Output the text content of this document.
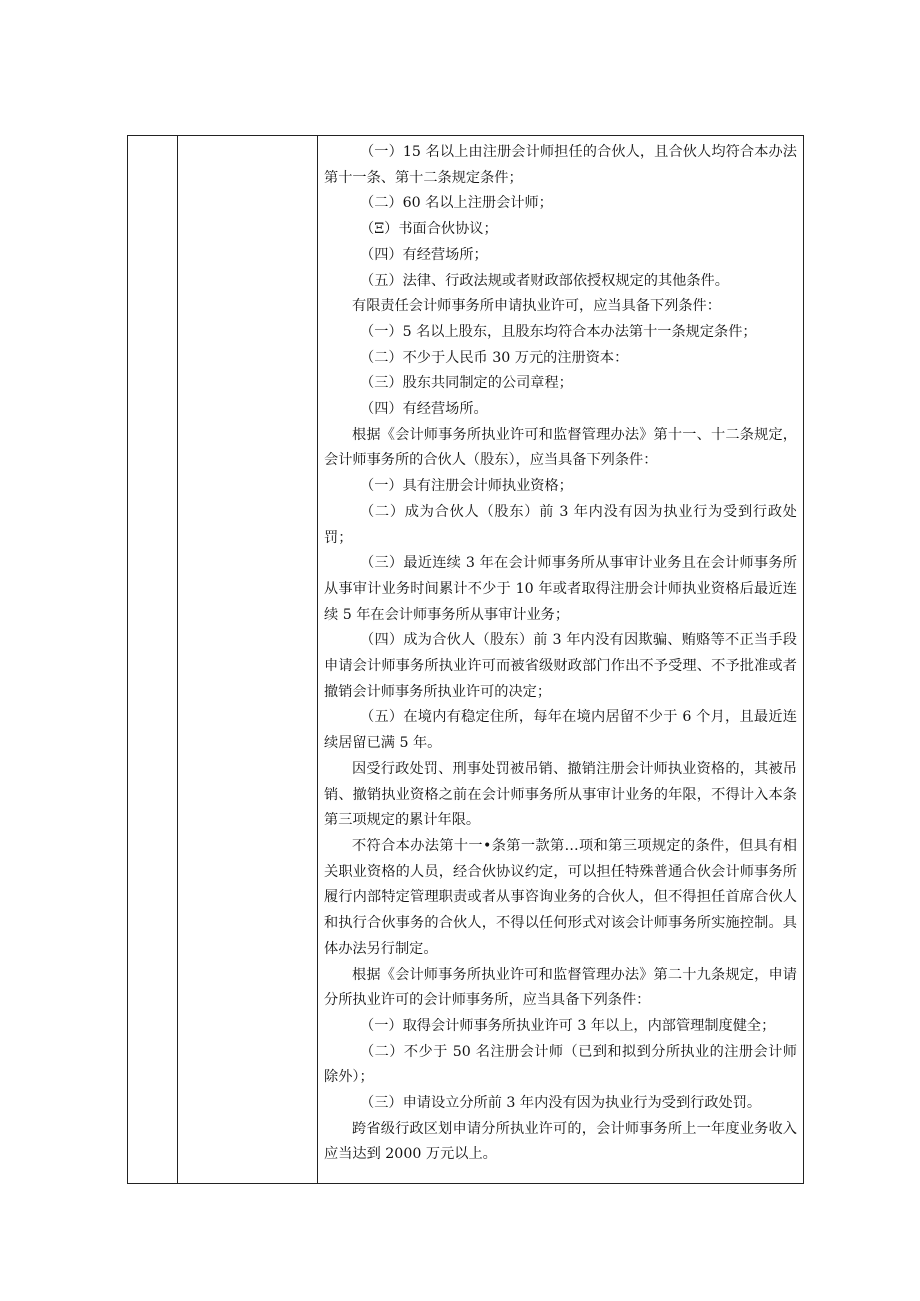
（一）15 名以上由注册会计师担任的合伙人，且合伙人均符合本办法第十一条、第十二条规定条件；

（二）60 名以上注册会计师；

（Ξ）书面合伙协议；

（四）有经营场所；

（五）法律、行政法规或者财政部依授权规定的其他条件。

有限责任会计师事务所申请执业许可，应当具备下列条件：

（一）5 名以上股东，且股东均符合本办法第十一条规定条件；

（二）不少于人民币 30 万元的注册资本：

（三）股东共同制定的公司章程；

（四）有经营场所。

根据《会计师事务所执业许可和监督管理办法》第十一、十二条规定，会计师事务所的合伙人（股东），应当具备下列条件：

（一）具有注册会计师执业资格；

（二）成为合伙人（股东）前 3 年内没有因为执业行为受到行政处罚；

（三）最近连续 3 年在会计师事务所从事审计业务且在会计师事务所从事审计业务时间累计不少于 10 年或者取得注册会计师执业资格后最近连续 5 年在会计师事务所从事审计业务；

（四）成为合伙人（股东）前 3 年内没有因欺骗、贿赂等不正当手段申请会计师事务所执业许可而被省级财政部门作出不予受理、不予批准或者撤销会计师事务所执业许可的决定；

（五）在境内有稳定住所，每年在境内居留不少于 6 个月，且最近连续居留已满 5 年。

因受行政处罚、刑事处罚被吊销、撤销注册会计师执业资格的，其被吊销、撤销执业资格之前在会计师事务所从事审计业务的年限，不得计入本条第三项规定的累计年限。

不符合本办法第十一•条第一款第…项和第三项规定的条件，但具有相关职业资格的人员，经合伙协议约定，可以担任特殊普通合伙会计师事务所履行内部特定管理职责或者从事咨询业务的合伙人，但不得担任首席合伙人和执行合伙事务的合伙人，不得以任何形式对该会计师事务所实施控制。具体办法另行制定。

根据《会计师事务所执业许可和监督管理办法》第二十九条规定，申请分所执业许可的会计师事务所，应当具备下列条件：

（一）取得会计师事务所执业许可 3 年以上，内部管理制度健全；

（二）不少于 50 名注册会计师（已到和拟到分所执业的注册会计师除外）；

（三）申请设立分所前 3 年内没有因为执业行为受到行政处罚。

跨省级行政区划申请分所执业许可的，会计师事务所上一年度业务收入应当达到 2000 万元以上。
